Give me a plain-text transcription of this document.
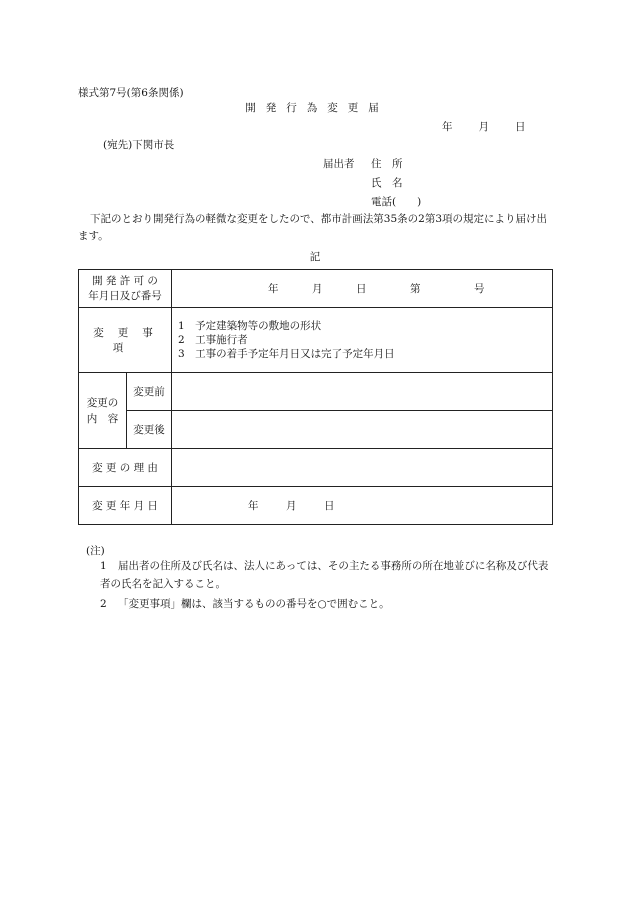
様式第7号(第6条関係)
開発行為変更届
年 月 日
(宛先)下関市長
届出者 住　所
氏　名
電話(　　)
下記のとおり開発行為の軽微な変更をしたので、都市計画法第35条の2第3項の規定により届け出ます。
記
開 発 許 可 の
年月日及び番号		年 月 日 第 号
変更事項		1　予定建築物等の敷地の形状
2　工事施行者
3　工事の着手予定年月日又は完了予定年月日

変更の
内　容	変更前	
	変更後	
変 更 の 理 由		
変 更 年 月 日		年 月 日
(注)
1 届出者の住所及び氏名は、法人にあっては、その主たる事務所の所在地並びに名称及び代表者の氏名を記入すること。
2 「変更事項」欄は、該当するものの番号を○で囲むこと。
